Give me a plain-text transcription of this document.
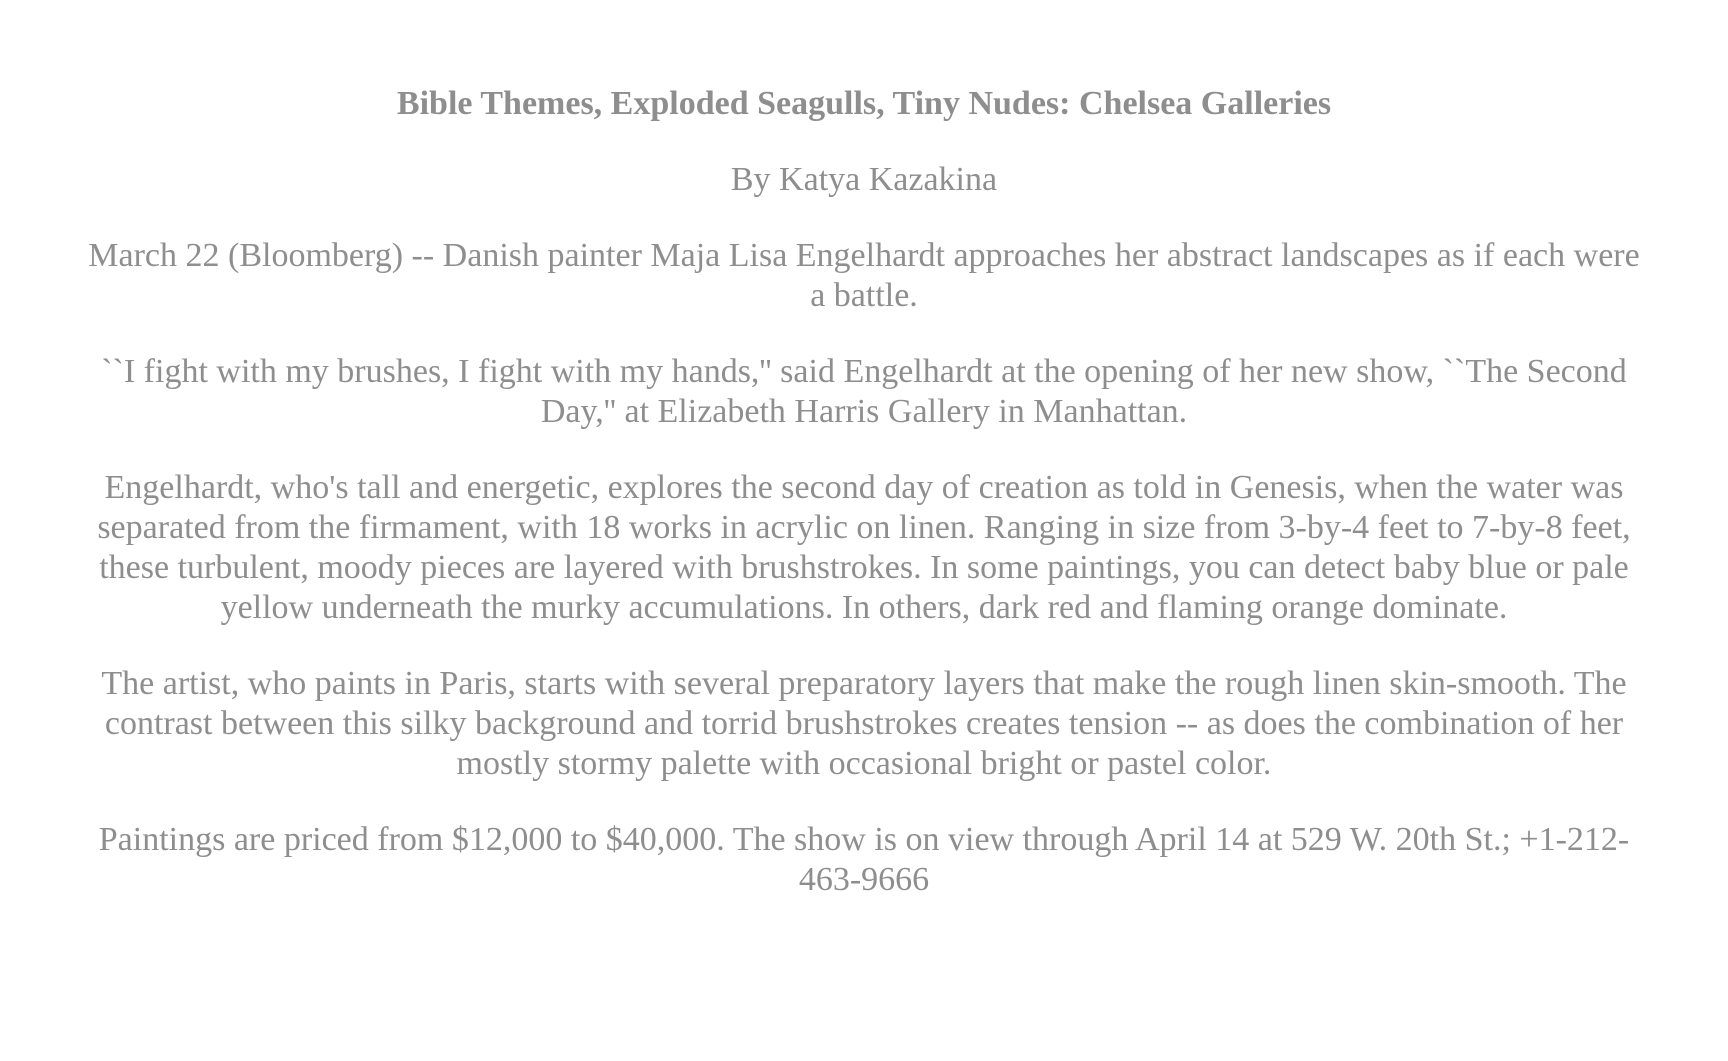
Bible Themes, Exploded Seagulls, Tiny Nudes: Chelsea Galleries
By Katya Kazakina
March 22 (Bloomberg) -- Danish painter Maja Lisa Engelhardt approaches her abstract landscapes as if each were a battle.
``I fight with my brushes, I fight with my hands,'' said Engelhardt at the opening of her new show, ``The Second Day,'' at Elizabeth Harris Gallery in Manhattan.
Engelhardt, who's tall and energetic, explores the second day of creation as told in Genesis, when the water was separated from the firmament, with 18 works in acrylic on linen. Ranging in size from 3-by-4 feet to 7-by-8 feet, these turbulent, moody pieces are layered with brushstrokes. In some paintings, you can detect baby blue or pale yellow underneath the murky accumulations. In others, dark red and flaming orange dominate.
The artist, who paints in Paris, starts with several preparatory layers that make the rough linen skin-smooth. The contrast between this silky background and torrid brushstrokes creates tension -- as does the combination of her mostly stormy palette with occasional bright or pastel color.
Paintings are priced from $12,000 to $40,000. The show is on view through April 14 at 529 W. 20th St.; +1-212-463-9666
